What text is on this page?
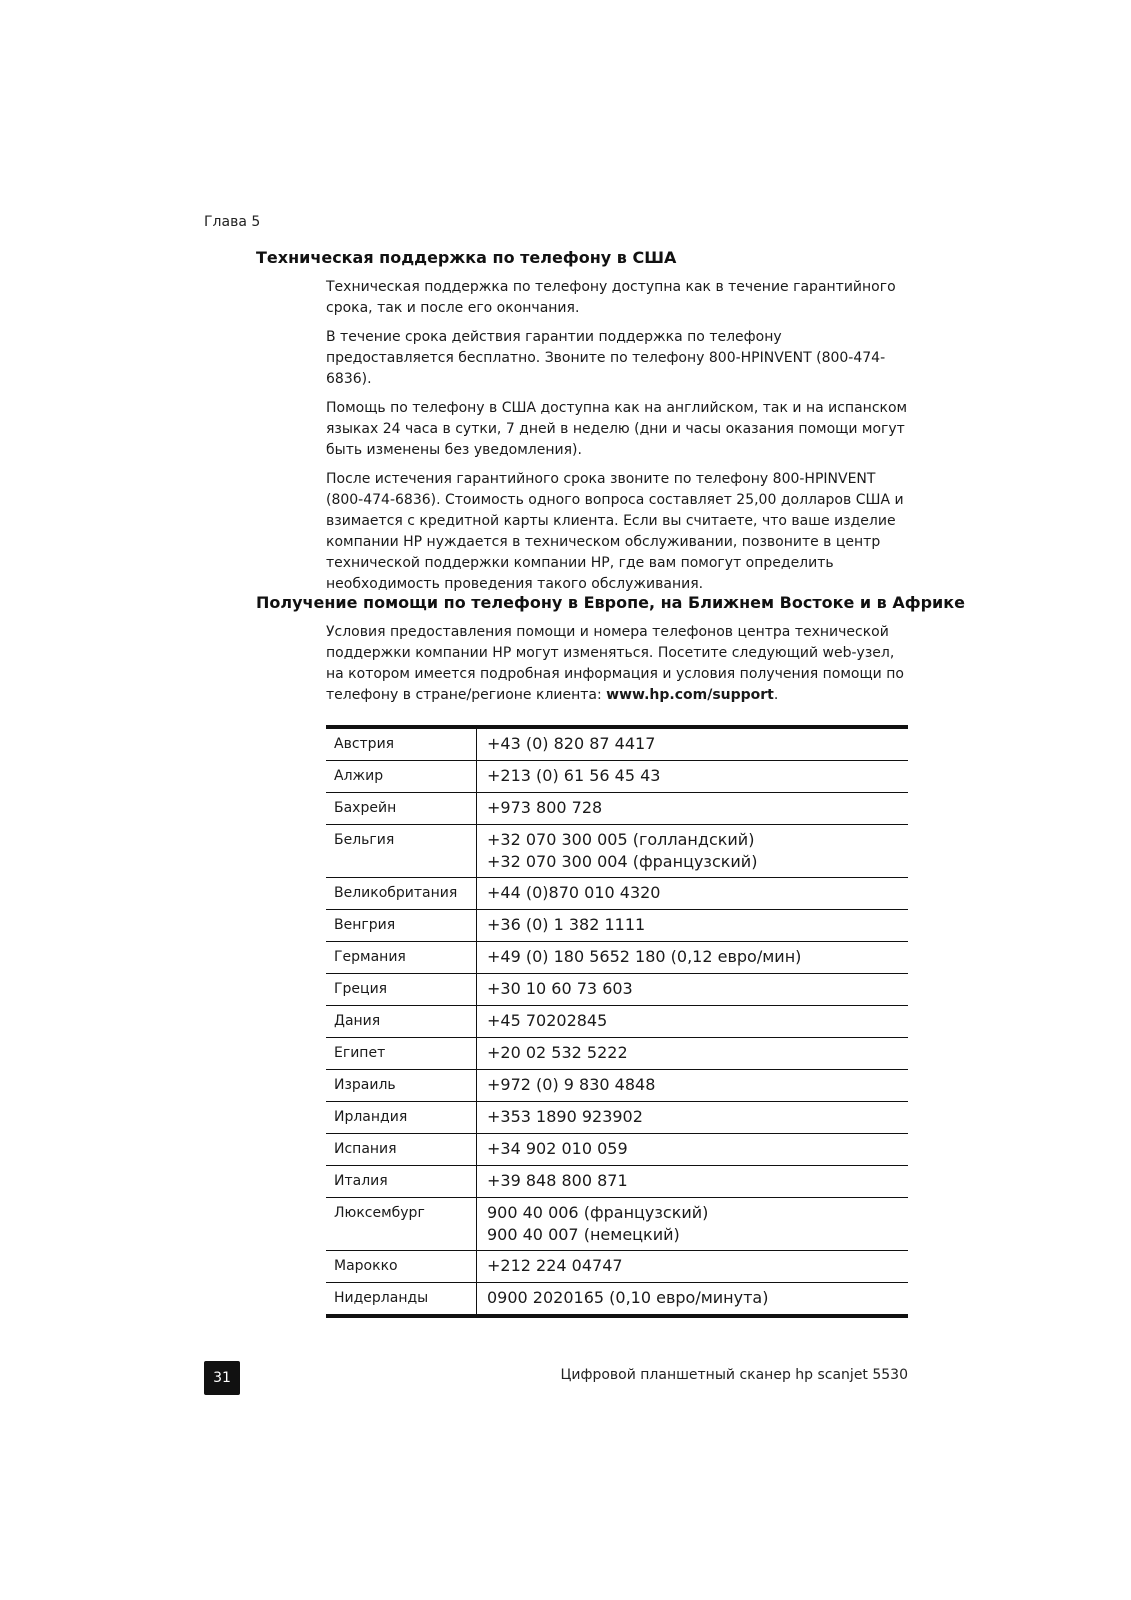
Глава 5
Техническая поддержка по телефону в США

Техническая поддержка по телефону доступна как в течение гарантийного срока, так и после его окончания.

В течение срока действия гарантии поддержка по телефону предоставляется бесплатно. Звоните по телефону 800-HPINVENT (800-474-6836).

Помощь по телефону в США доступна как на английском, так и на испанском языках 24 часа в сутки, 7 дней в неделю (дни и часы оказания помощи могут быть изменены без уведомления).

После истечения гарантийного срока звоните по телефону 800-HPINVENT (800-474-6836). Стоимость одного вопроса составляет 25,00 долларов США и взимается с кредитной карты клиента. Если вы считаете, что ваше изделие компании HP нуждается в техническом обслуживании, позвоните в центр технической поддержки компании HP, где вам помогут определить необходимость проведения такого обслуживания.

Получение помощи по телефону в Европе, на Ближнем Востоке и в Африке

Условия предоставления помощи и номера телефонов центра технической поддержки компании HP могут изменяться. Посетите следующий web-узел, на котором имеется подробная информация и условия получения помощи по телефону в стране/регионе клиента: www.hp.com/support.

Австрия	+43 (0) 820 87 4417
Алжир	+213 (0) 61 56 45 43
Бахрейн	+973 800 728
Бельгия	+32 070 300 005 (голландский)
+32 070 300 004 (французский)
Великобритания	+44 (0)870 010 4320
Венгрия	+36 (0) 1 382 1111
Германия	+49 (0) 180 5652 180 (0,12 евро/мин)
Греция	+30 10 60 73 603
Дания	+45 70202845
Египет	+20 02 532 5222
Израиль	+972 (0) 9 830 4848
Ирландия	+353 1890 923902
Испания	+34 902 010 059
Италия	+39 848 800 871
Люксембург	900 40 006 (французский)
900 40 007 (немецкий)
Марокко	+212 224 04747
Нидерланды	0900 2020165 (0,10 евро/минута)
31	Цифровой планшетный сканер hp scanjet 5530
